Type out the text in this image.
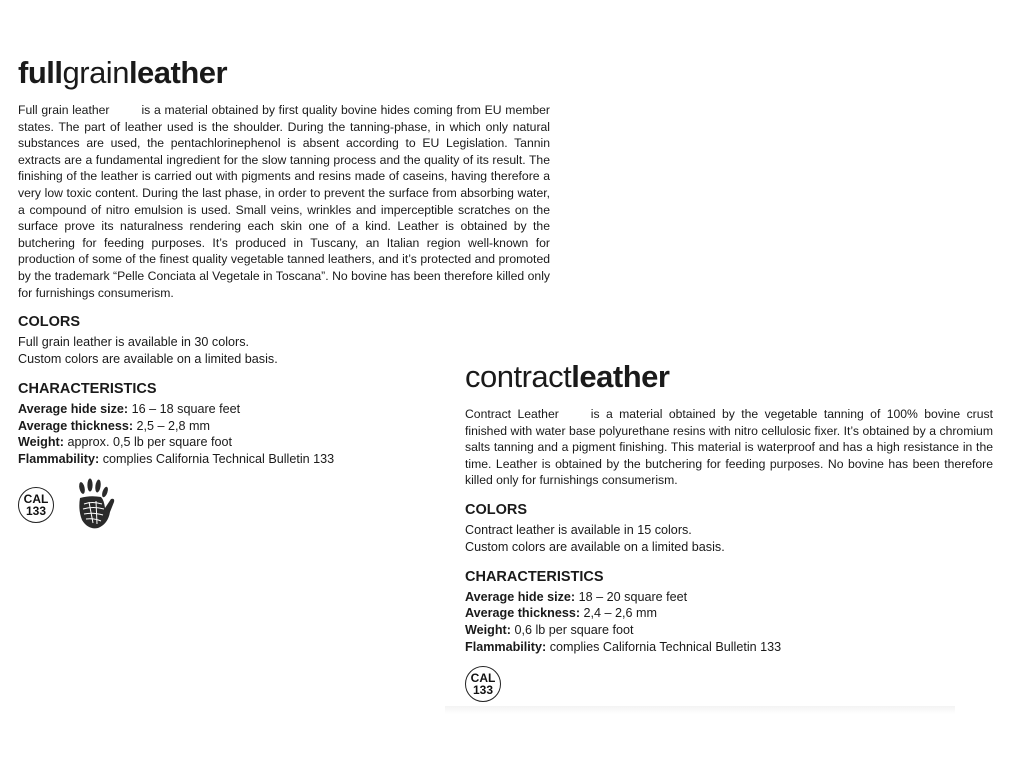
fullgrainleather

Full grain leather	is a material obtained by first quality bovine hides coming from EU member states. The part of leather used is the shoulder. During the tanning-phase, in which only natural substances are used, the pentachlorinephenol is absent according to EU Legislation. Tannin extracts are a fundamental ingredient for the slow tanning process and the quality of its result. The finishing of the leather is carried out with pigments and resins made of caseins, having therefore a very low toxic content. During the last phase, in order to prevent the surface from absorbing water, a compound of nitro emulsion is used. Small veins, wrinkles and imperceptible scratches on the surface prove its naturalness rendering each skin one of a kind. Leather is obtained by the butchering for feeding purposes. It’s produced in Tuscany, an Italian region well-known for production of some of the finest quality vegetable tanned leathers, and it’s protected and promoted by the trademark “Pelle Conciata al Vegetale in Toscana”. No bovine has been therefore killed only for furnishings consumerism.

COLORS

Full grain leather is available in 30 colors.

Custom colors are available on a limited basis.

CHARACTERISTICS

Average hide size: 16 – 18 square feet

Average thickness: 2,5 – 2,8 mm

Weight: approx. 0,5 lb per square foot

Flammability: complies California Technical Bulletin 133

CAL
133
contractleather

Contract Leather	is a material obtained by the vegetable tanning of 100% bovine crust finished with water base polyurethane resins with nitro cellulosic fixer. It’s obtained by a chromium salts tanning and a pigment finishing. This material is waterproof and has a high resistance in the time. Leather is obtained by the butchering for feeding purposes. No bovine has been therefore killed only for furnishings consumerism.

COLORS

Contract leather is available in 15 colors.

Custom colors are available on a limited basis.

CHARACTERISTICS

Average hide size: 18 – 20 square feet

Average thickness: 2,4 – 2,6 mm

Weight: 0,6 lb per square foot

Flammability: complies California Technical Bulletin 133

CAL
133
